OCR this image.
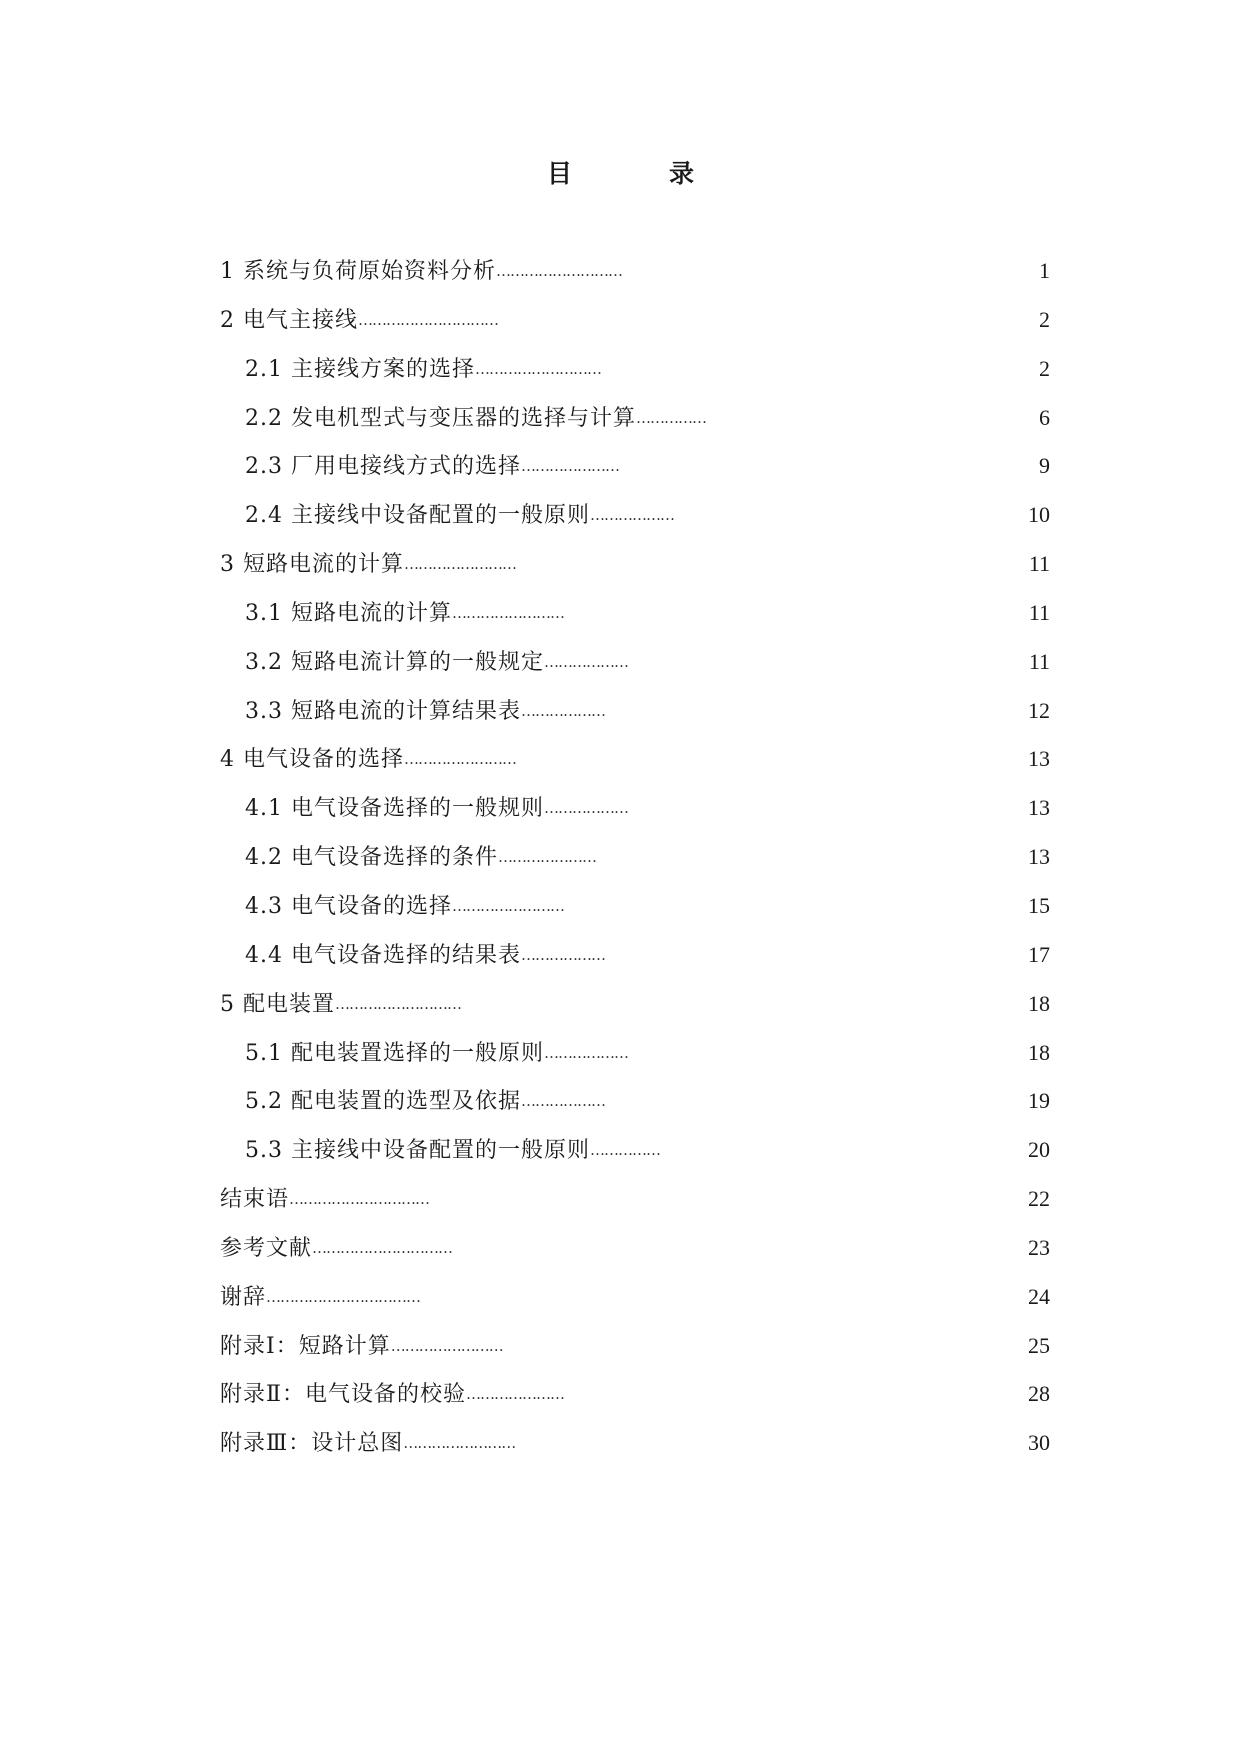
目　录
1 系统与负荷原始资料分析………………………	1
2 电气主接线…………………………	2
2.1 主接线方案的选择………………………	2
2.2 发电机型式与变压器的选择与计算……………	6
2.3 厂用电接线方式的选择…………………	9
2.4 主接线中设备配置的一般原则………………	10
3 短路电流的计算……………………	11
3.1 短路电流的计算……………………	11
3.2 短路电流计算的一般规定………………	11
3.3 短路电流的计算结果表………………	12
4 电气设备的选择……………………	13
4.1 电气设备选择的一般规则………………	13
4.2 电气设备选择的条件…………………	13
4.3 电气设备的选择……………………	15
4.4 电气设备选择的结果表………………	17
5 配电装置………………………	18
5.1 配电装置选择的一般原则………………	18
5.2 配电装置的选型及依据………………	19
5.3 主接线中设备配置的一般原则……………	20
结束语…………………………	22
参考文献…………………………	23
谢辞……………………………	24
附录Ⅰ：短路计算……………………	25
附录Ⅱ：电气设备的校验…………………	28
附录Ⅲ：设计总图……………………	30
